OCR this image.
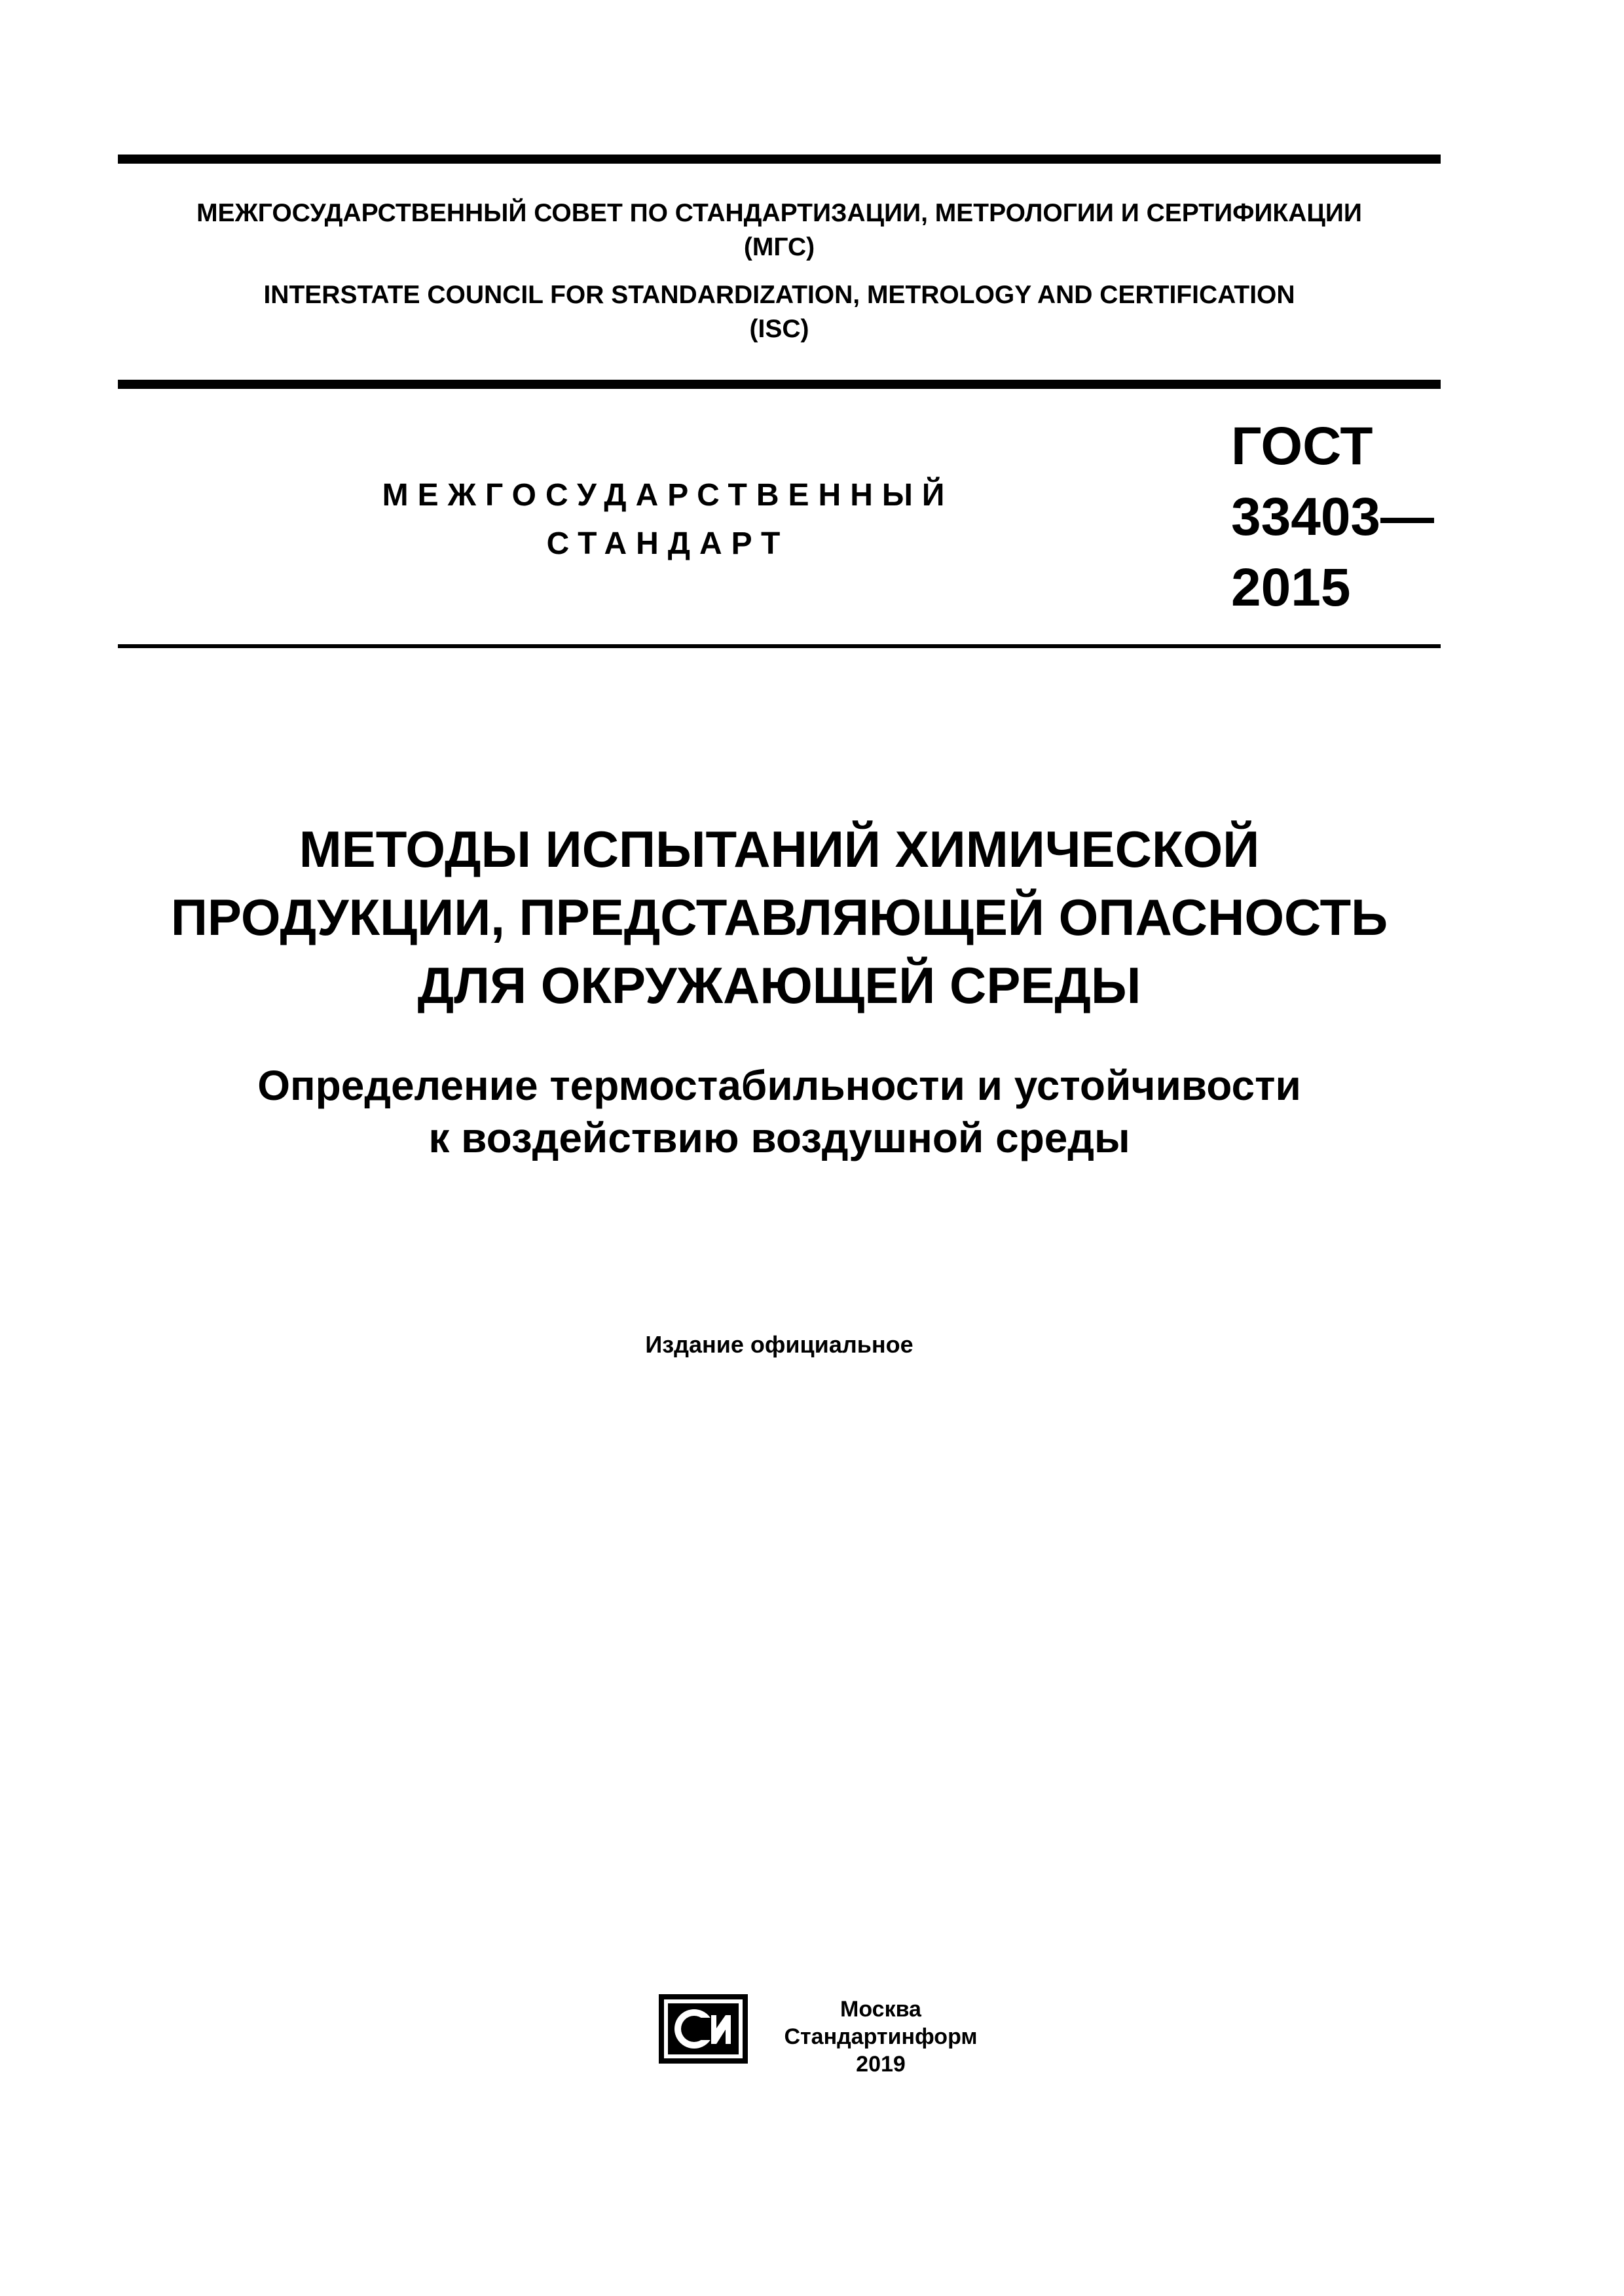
МЕЖГОСУДАРСТВЕННЫЙ СОВЕТ ПО СТАНДАРТИЗАЦИИ, МЕТРОЛОГИИ И СЕРТИФИКАЦИИ
(МГС)
INTERSTATE COUNCIL FOR STANDARDIZATION, METROLOGY AND CERTIFICATION
(ISC)
МЕЖГОСУДАРСТВЕННЫЙ
СТАНДАРТ
ГОСТ
33403—
2015
МЕТОДЫ ИСПЫТАНИЙ ХИМИЧЕСКОЙ
ПРОДУКЦИИ, ПРЕДСТАВЛЯЮЩЕЙ ОПАСНОСТЬ
ДЛЯ ОКРУЖАЮЩЕЙ СРЕДЫ
Определение термостабильности и устойчивости
к воздействию воздушной среды
Издание официальное
Москва
Стандартинформ
2019
